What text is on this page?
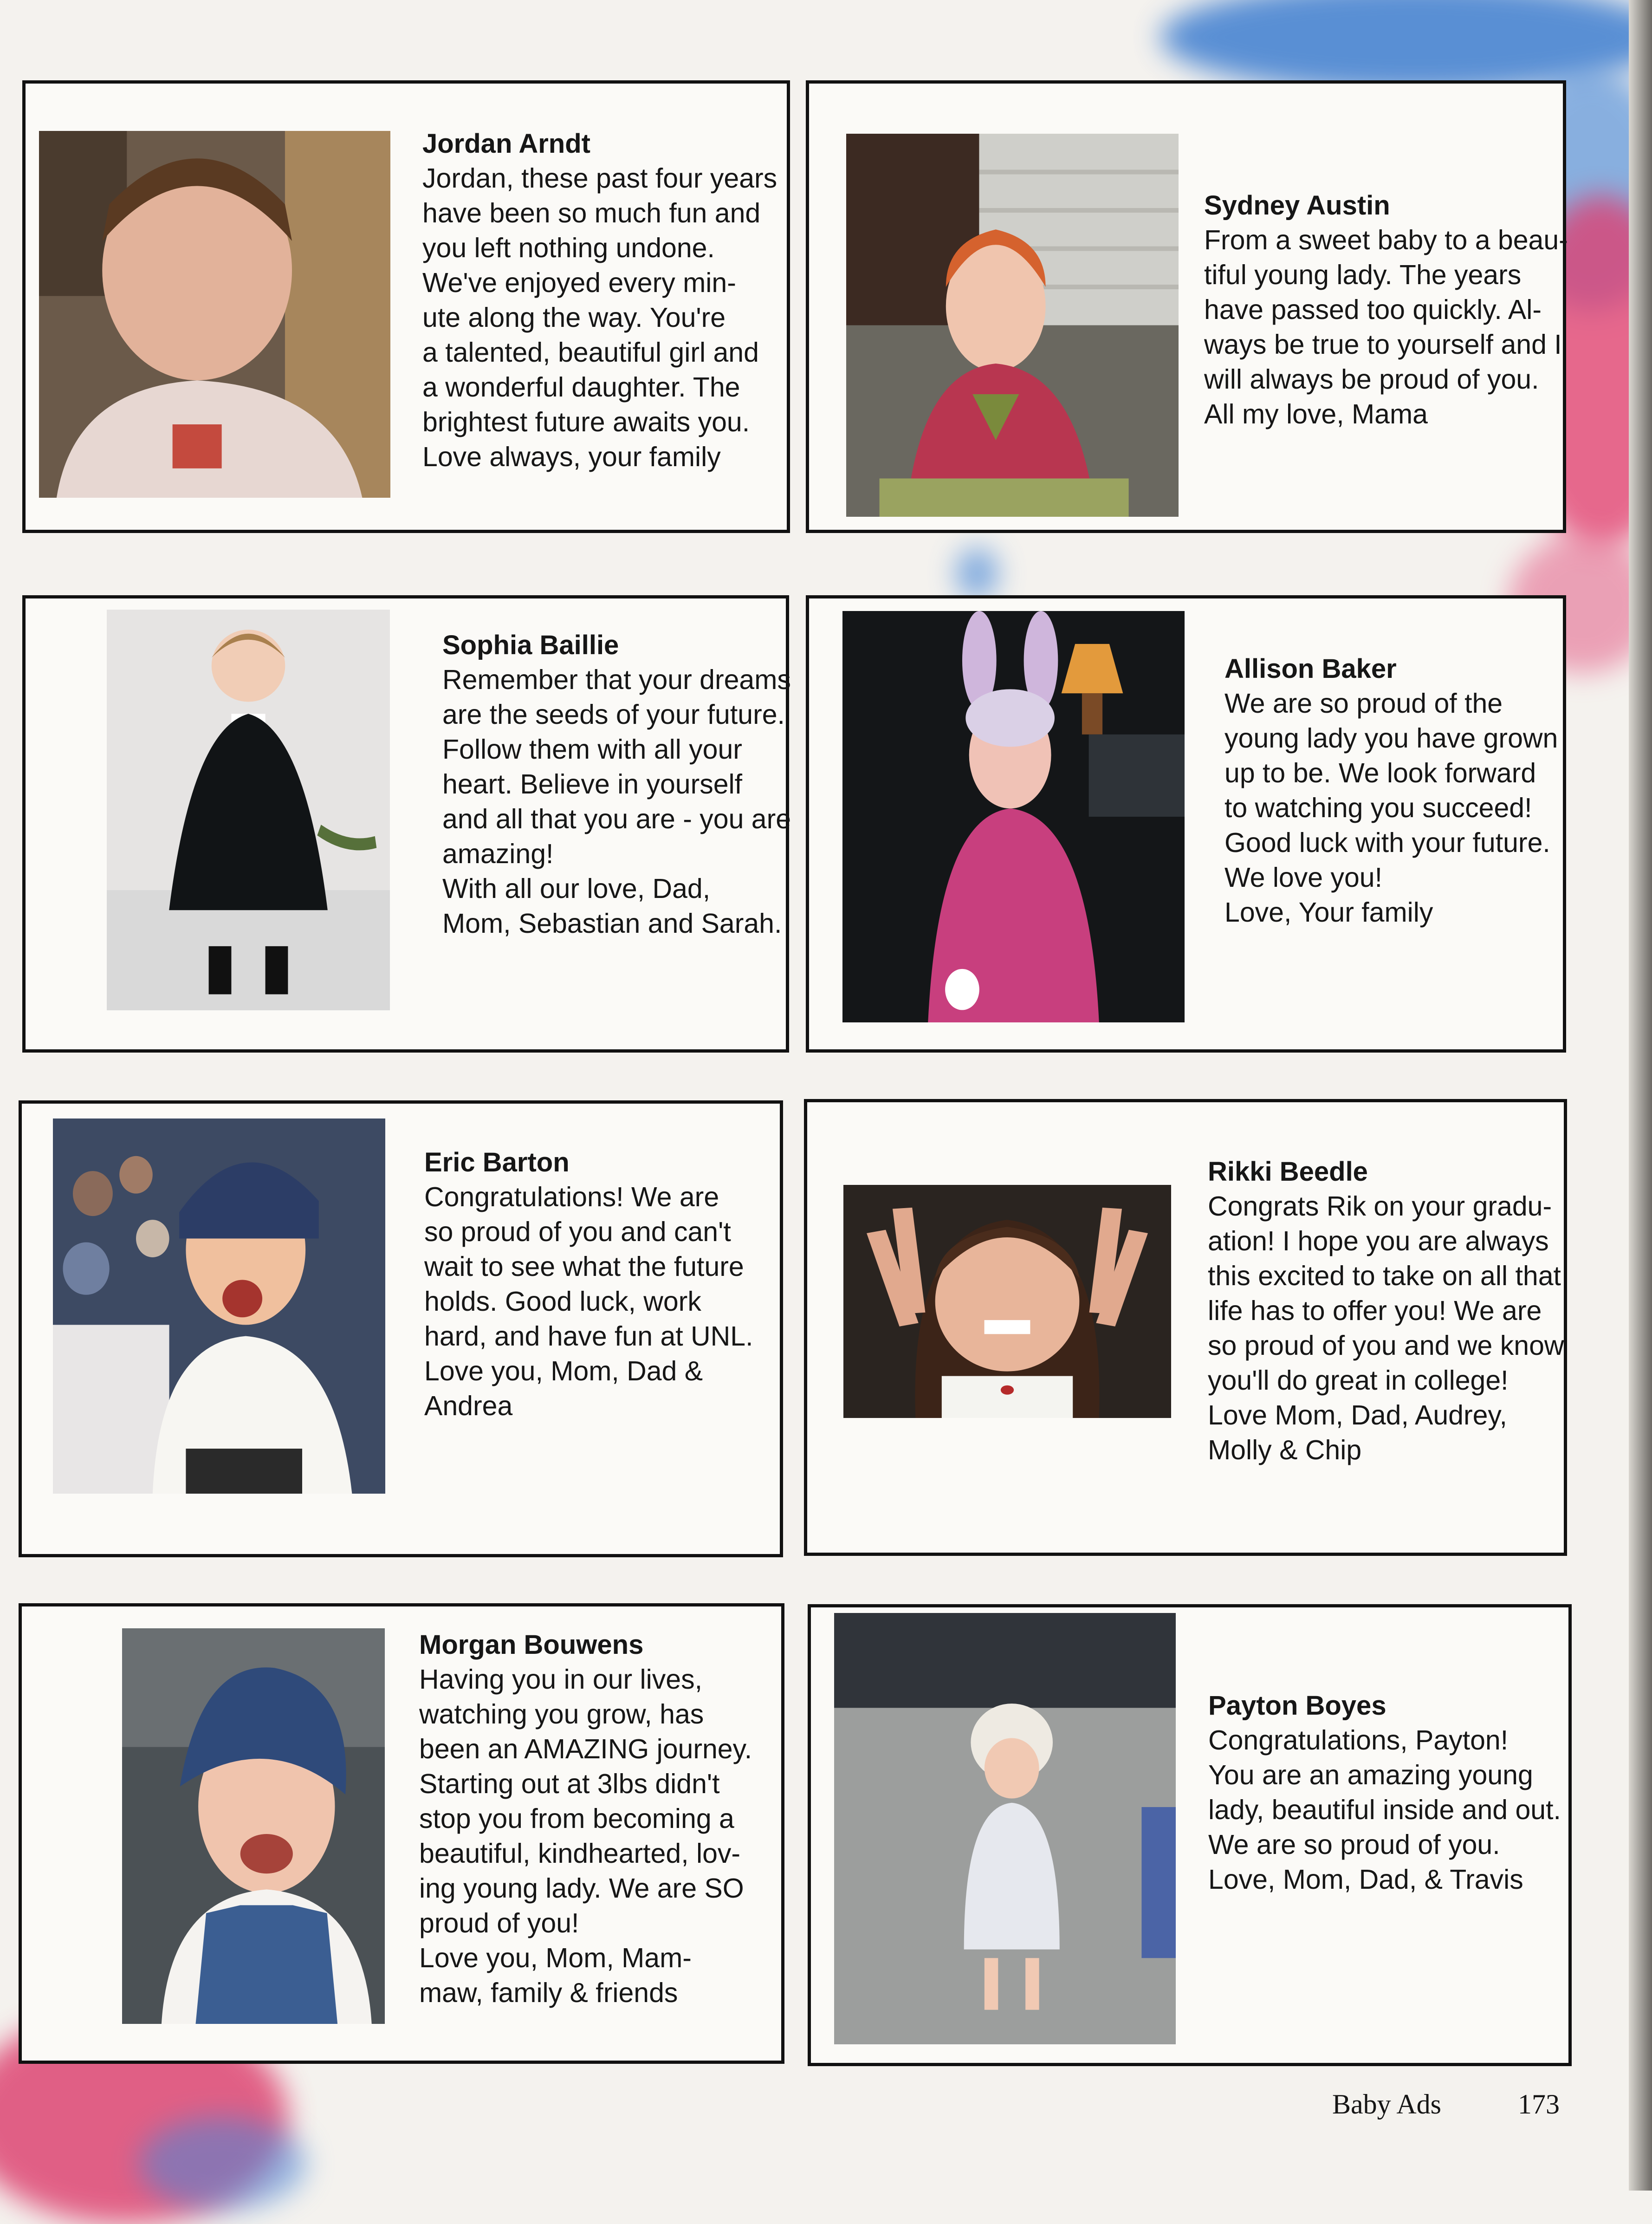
Jordan Arndt
Jordan, these past four years
have been so much fun and
you left nothing undone.
We've enjoyed every min-
ute along the way. You're
a talented, beautiful girl and
a wonderful daughter. The
brightest future awaits you.
Love always, your family
Sydney Austin
From a sweet baby to a beau-
tiful young lady. The years
have passed too quickly. Al-
ways be true to yourself and I
will always be proud of you.
All my love, Mama
Sophia Baillie
Remember that your dreams
are the seeds of your future.
Follow them with all your
heart. Believe in yourself
and all that you are - you are
amazing!
With all our love, Dad,
Mom, Sebastian and Sarah.
Allison Baker
We are so proud of the
young lady you have grown
up to be. We look forward
to watching you succeed!
Good luck with your future.
We love you!
Love, Your family
Eric Barton
Congratulations! We are
so proud of you and can't
wait to see what the future
holds. Good luck, work
hard, and have fun at UNL.
Love you, Mom, Dad &
Andrea
Rikki Beedle
Congrats Rik on your gradu-
ation! I hope you are always
this excited to take on all that
life has to offer you! We are
so proud of you and we know
you'll do great in college!
Love Mom, Dad, Audrey,
Molly & Chip
Morgan Bouwens
Having you in our lives,
watching you grow, has
been an AMAZING journey.
Starting out at 3lbs didn't
stop you from becoming a
beautiful, kindhearted, lov-
ing young lady. We are SO
proud of you!
Love you, Mom, Mam-
maw, family & friends
Payton Boyes
Congratulations, Payton!
You are an amazing young
lady, beautiful inside and out.
We are so proud of you.
Love, Mom, Dad, & Travis
Baby Ads	173
